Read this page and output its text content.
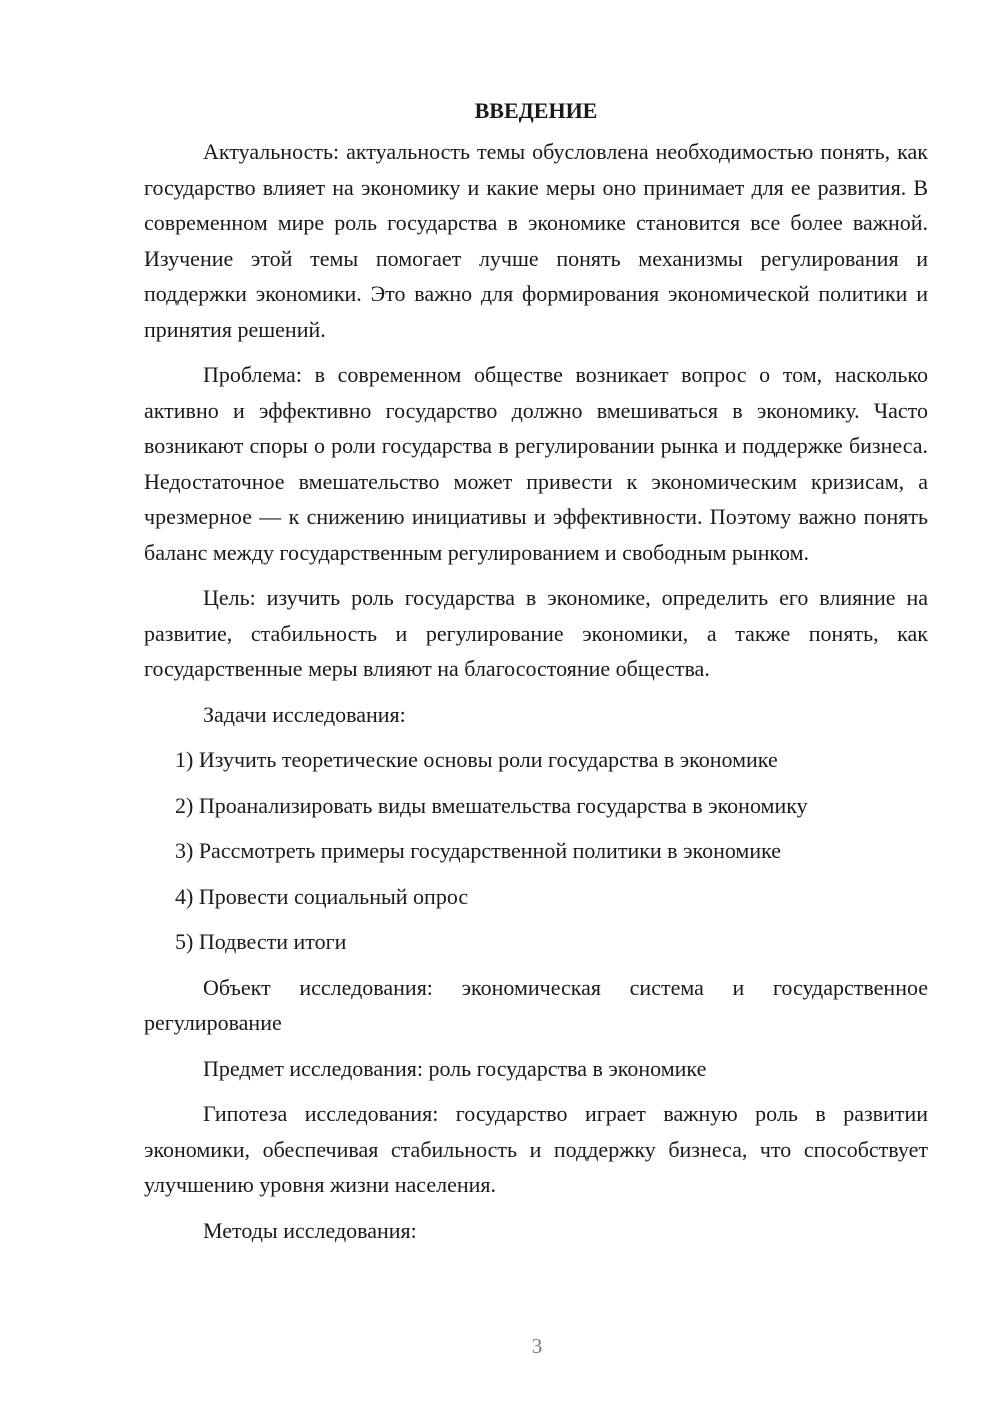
ВВЕДЕНИЕ

Актуальность: актуальность темы обусловлена необходимостью понять, как государство влияет на экономику и какие меры оно принимает для ее развития. В современном мире роль государства в экономике становится все более важной. Изучение этой темы помогает лучше понять механизмы регулирования и поддержки экономики. Это важно для формирования экономической политики и принятия решений.

Проблема: в современном обществе возникает вопрос о том, насколько активно и эффективно государство должно вмешиваться в экономику. Часто возникают споры о роли государства в регулировании рынка и поддержке бизнеса. Недостаточное вмешательство может привести к экономическим кризисам, а чрезмерное — к снижению инициативы и эффективности. Поэтому важно понять баланс между государственным регулированием и свободным рынком.

Цель: изучить роль государства в экономике, определить его влияние на развитие, стабильность и регулирование экономики, а также понять, как государственные меры влияют на благосостояние общества.

Задачи исследования:

1) Изучить теоретические основы роли государства в экономике

2) Проанализировать виды вмешательства государства в экономику

3) Рассмотреть примеры государственной политики в экономике

4) Провести социальный опрос

5) Подвести итоги

Объект исследования: экономическая система и государственное регулирование

Предмет исследования: роль государства в экономике

Гипотеза исследования: государство играет важную роль в развитии экономики, обеспечивая стабильность и поддержку бизнеса, что способствует улучшению уровня жизни населения.

Методы исследования:

3
